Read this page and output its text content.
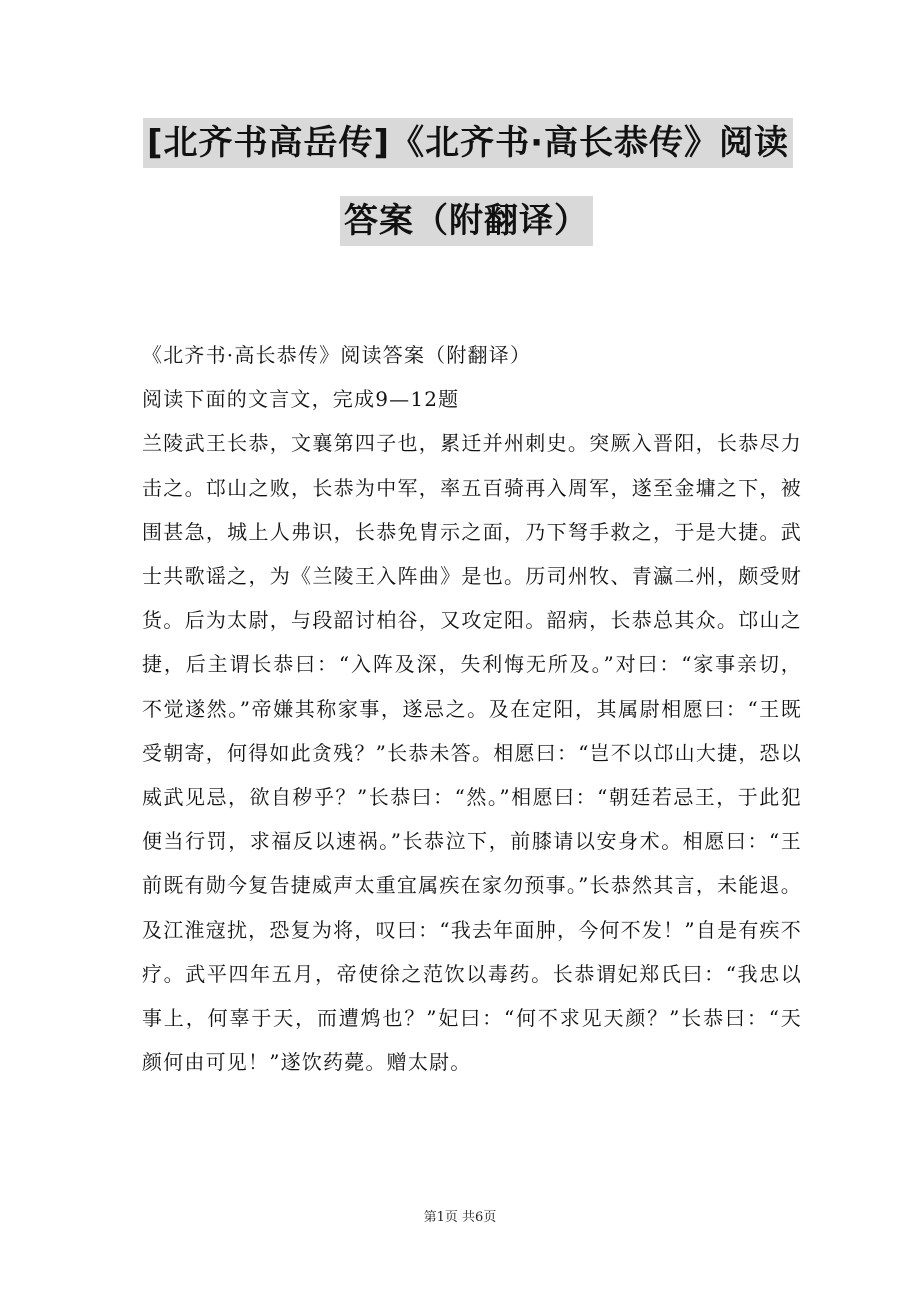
[北齐书高岳传]《北齐书·高长恭传》阅读
答案（附翻译）

《北齐书·高长恭传》阅读答案（附翻译）

阅读下面的文言文，完成9—12题

兰陵武王长恭，文襄第四子也，累迁并州刺史。突厥入晋阳，长恭尽力击之。邙山之败，长恭为中军，率五百骑再入周军，遂至金墉之下，被围甚急，城上人弗识，长恭免胄示之面，乃下弩手救之，于是大捷。武士共歌谣之，为《兰陵王入阵曲》是也。历司州牧、青瀛二州，颇受财货。后为太尉，与段韶讨柏谷，又攻定阳。韶病，长恭总其众。邙山之捷，后主谓长恭曰：“入阵及深，失利悔无所及。”对曰：“家事亲切，不觉遂然。”帝嫌其称家事，遂忌之。及在定阳，其属尉相愿曰：“王既受朝寄，何得如此贪残？”长恭未答。相愿曰：“岂不以邙山大捷，恐以威武见忌，欲自秽乎？”长恭曰：“然。”相愿曰：“朝廷若忌王，于此犯便当行罚，求福反以速祸。”长恭泣下，前膝请以安身术。相愿曰：“王前既有勋今复告捷威声太重宜属疾在家勿预事。”长恭然其言，未能退。及江淮寇扰，恐复为将，叹曰：“我去年面肿，今何不发！”自是有疾不疗。武平四年五月，帝使徐之范饮以毒药。长恭谓妃郑氏曰：“我忠以事上，何辜于天，而遭鸩也？”妃曰：“何不求见天颜？”长恭曰：“天颜何由可见！”遂饮药薨。赠太尉。

第1页 共6页
